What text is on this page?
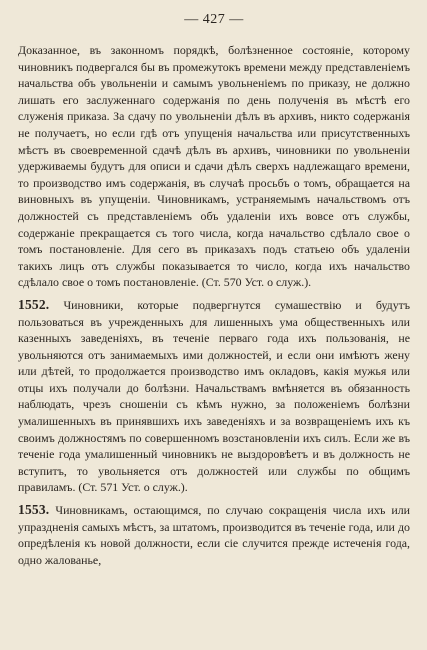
— 427 —

Доказанное, въ законномъ порядкѣ, болѣзненное состояніе, которому чиновникъ подвергался бы въ промежутокъ времени между представленіемъ начальства объ увольненіи и самымъ увольненіемъ по приказу, не должно лишать его заслуженнаго содержанія по день полученія въ мѣстѣ его служенія приказа. За сдачу по увольненіи дѣлъ въ архивъ, никто содержанія не получаетъ, но если гдѣ отъ упущенія начальства или присутственныхъ мѣстъ въ своевременной сдачѣ дѣлъ въ архивъ, чиновники по увольненіи удерживаемы будутъ для описи и сдачи дѣлъ сверхъ надлежащаго времени, то производство имъ содержанія, въ случаѣ просьбъ о томъ, обращается на виновныхъ въ упущеніи. Чиновникамъ, устраняемымъ начальствомъ отъ должностей съ представленіемъ объ удаленіи ихъ вовсе отъ службы, содержаніе прекращается съ того числа, когда начальство сдѣлало свое о томъ постановленіе. Для сего въ приказахъ подъ статьею объ удаленіи такихъ лицъ отъ службы показывается то число, когда ихъ начальство сдѣлало свое о томъ постановленіе. (Ст. 570 Уст. о служ.).

1552. Чиновники, которые подвергнутся сумашествію и будутъ пользоваться въ учрежденныхъ для лишенныхъ ума общественныхъ или казенныхъ заведеніяхъ, въ теченіе перваго года ихъ пользованія, не увольняются отъ занимаемыхъ ими должностей, и если они имѣютъ жену или дѣтей, то продолжается производство имъ окладовъ, какія мужья или отцы ихъ получали до болѣзни. Начальствамъ вмѣняется въ обязанность наблюдать, чрезъ сношеніи съ кѣмъ нужно, за положеніемъ болѣзни умалишенныхъ въ принявшихъ ихъ заведеніяхъ и за возвращеніемъ ихъ къ своимъ должностямъ по совершенномъ возстановленіи ихъ силъ. Если же въ теченіе года умалишенный чиновникъ не выздоровѣетъ и въ должность не вступитъ, то увольняется отъ должностей или службы по общимъ правиламъ. (Ст. 571 Уст. о служ.).

1553. Чиновникамъ, остающимся, по случаю сокращенія числа ихъ или упраздненія самыхъ мѣстъ, за штатомъ, производится въ теченіе года, или до опредѣленія къ новой должности, если сіе случится прежде истеченія года, одно жалованье,
